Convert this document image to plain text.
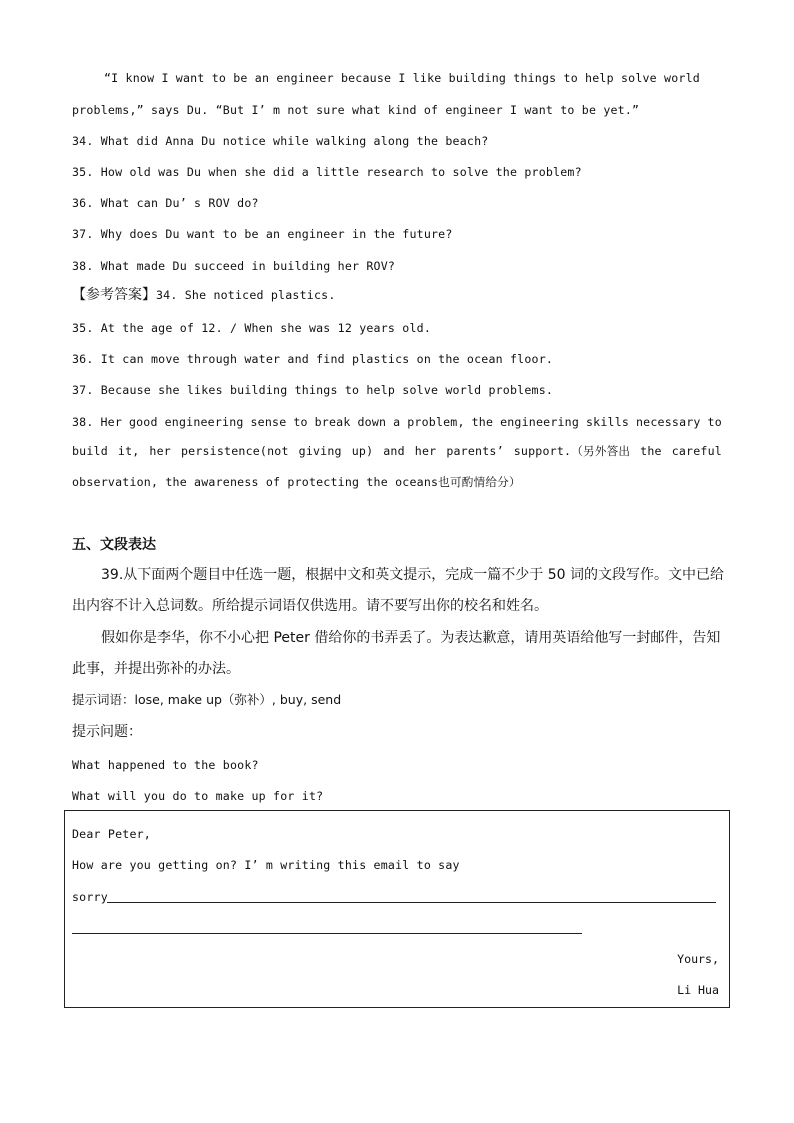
“I know I want to be an engineer because I like building things to help solve world
problems,” says Du. “But I’ m not sure what kind of engineer I want to be yet.”
34. What did Anna Du notice while walking along the beach?
35. How old was Du when she did a little research to solve the problem?
36. What can Du’ s ROV do?
37. Why does Du want to be an engineer in the future?
38. What made Du succeed in building her ROV?
【参考答案】34. She noticed plastics.
35. At the age of 12. / When she was 12 years old.
36. It can move through water and find plastics on the ocean floor.
37. Because she likes building things to help solve world problems.
38. Her good engineering sense to break down a problem, the engineering skills necessary to
build it, her persistence(not giving up) and her parents’ support.（另外答出 the careful
observation, the awareness of protecting the oceans也可酌情给分）
五、文段表达
39.从下面两个题目中任选一题，根据中文和英文提示，完成一篇不少于 50 词的文段写作。文中已给
出内容不计入总词数。所给提示词语仅供选用。请不要写出你的校名和姓名。
假如你是李华，你不小心把 Peter 借给你的书弄丢了。为表达歉意，请用英语给他写一封邮件，告知
此事，并提出弥补的办法。
提示词语：lose, make up（弥补）, buy, send
提示问题：
What happened to the book?
What will you do to make up for it?
Dear Peter,
How are you getting on? I’ m writing this email to say
sorry
Yours,
Li Hua
